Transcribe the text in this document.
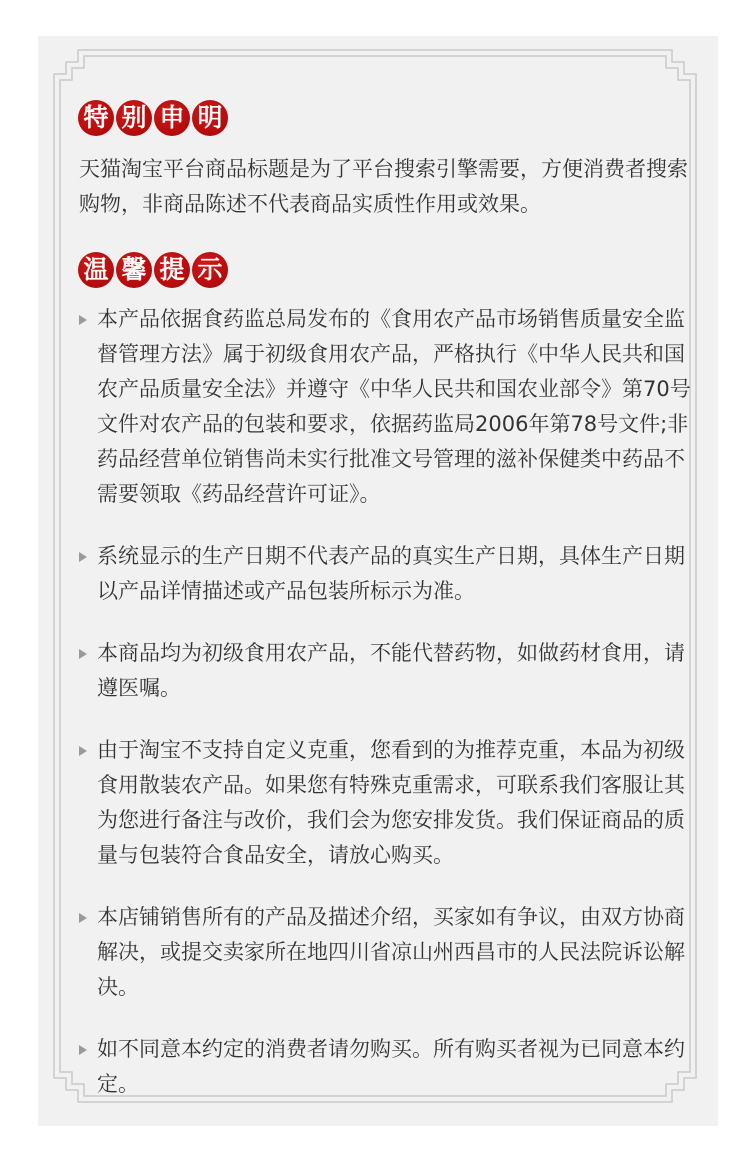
特 别 申 明

天猫淘宝平台商品标题是为了平台搜索引擎需要，方便消费者搜索购物，非商品陈述不代表商品实质性作用或效果。

温 馨 提 示
本产品依据食药监总局发布的《食用农产品市场销售质量安全监督管理方法》属于初级食用农产品，严格执行《中华人民共和国农产品质量安全法》并遵守《中华人民共和国农业部令》第70号文件对农产品的包装和要求，依据药监局2006年第78号文件;非药品经营单位销售尚未实行批准文号管理的滋补保健类中药品不需要领取《药品经营许可证》。
系统显示的生产日期不代表产品的真实生产日期，具体生产日期以产品详情描述或产品包装所标示为准。
本商品均为初级食用农产品，不能代替药物，如做药材食用，请遵医嘱。
由于淘宝不支持自定义克重，您看到的为推荐克重，本品为初级食用散装农产品。如果您有特殊克重需求，可联系我们客服让其为您进行备注与改价，我们会为您安排发货。我们保证商品的质量与包装符合食品安全，请放心购买。
本店铺销售所有的产品及描述介绍，买家如有争议，由双方协商解决，或提交卖家所在地四川省凉山州西昌市的人民法院诉讼解决。
如不同意本约定的消费者请勿购买。所有购买者视为已同意本约定。
